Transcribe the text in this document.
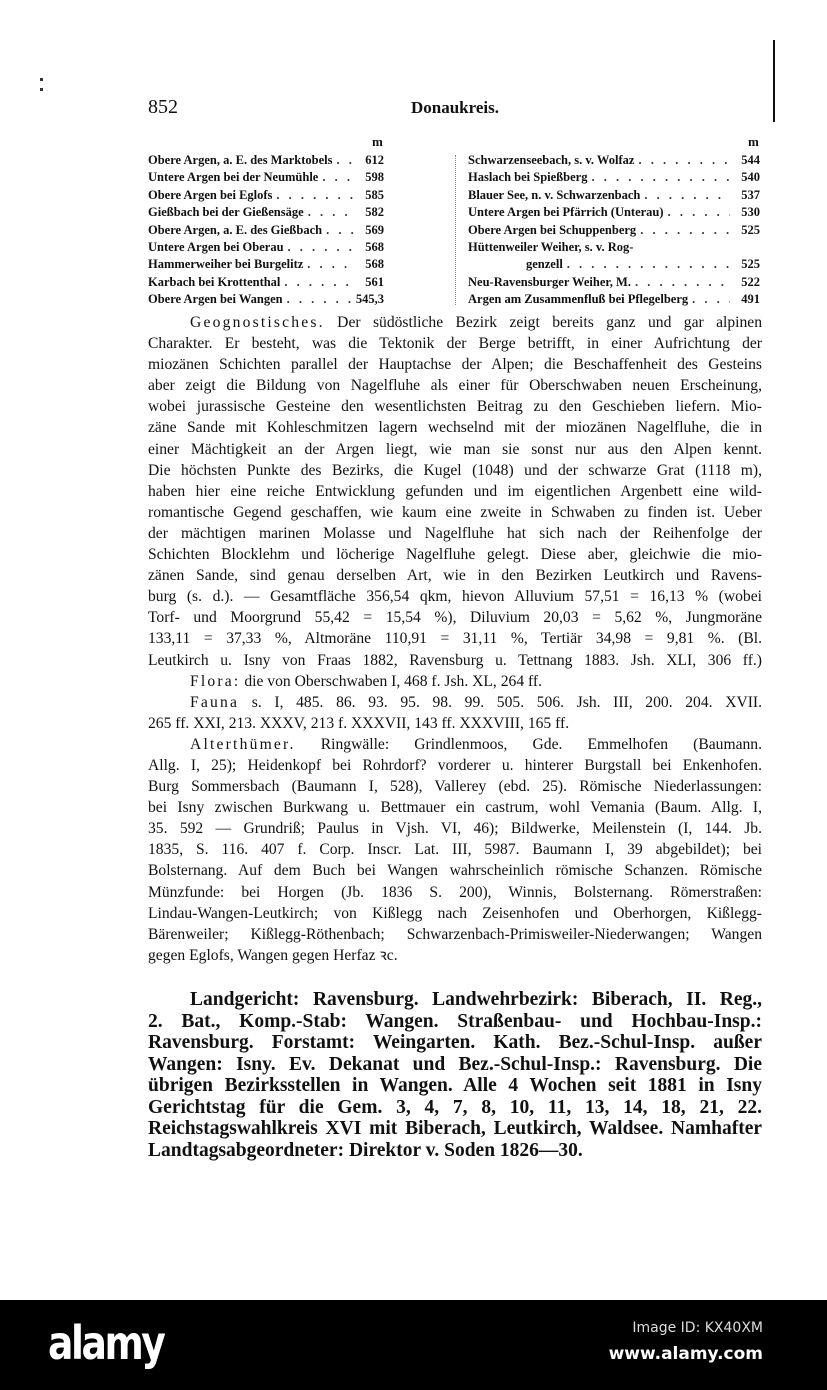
852	Donaukreis.
m	m
Obere Argen, a. E. des Marktobels . . .	612
Untere Argen bei der Neumühle . . .	598
Obere Argen bei Eglofs . . .	585
Gießbach bei der Gießensäge . . .	582
Obere Argen, a. E. des Gießbach . . .	569
Untere Argen bei Oberau . . .	568
Hammerweiher bei Burgelitz . . .	568
Karbach bei Krottenthal . . .	561
Obere Argen bei Wangen . . .	545,3
Schwarzenseebach, s. v. Wolfaz . . .	544
Haslach bei Spießberg . . .	540
Blauer See, n. v. Schwarzenbach . . .	537
Untere Argen bei Pfärrich (Unterau) . . .	530
Obere Argen bei Schuppenberg . . .	525
Hüttenweiler Weiher, s. v. Rog-
genzell . . .	525
Neu-Ravensburger Weiher, M. . . .	522
Argen am Zusammenfluß bei Pflegelberg . . .	491
Geognostisches. Der südöstliche Bezirk zeigt bereits ganz und gar alpinen
Charakter. Er besteht, was die Tektonik der Berge betrifft, in einer Aufrichtung der
miozänen Schichten parallel der Hauptachse der Alpen; die Beschaffenheit des Gesteins
aber zeigt die Bildung von Nagelfluhe als einer für Oberschwaben neuen Erscheinung,
wobei jurassische Gesteine den wesentlichsten Beitrag zu den Geschieben liefern. Mio-
zäne Sande mit Kohleschmitzen lagern wechselnd mit der miozänen Nagelfluhe, die in
einer Mächtigkeit an der Argen liegt, wie man sie sonst nur aus den Alpen kennt.
Die höchsten Punkte des Bezirks, die Kugel (1048) und der schwarze Grat (1118 m),
haben hier eine reiche Entwicklung gefunden und im eigentlichen Argenbett eine wild-
romantische Gegend geschaffen, wie kaum eine zweite in Schwaben zu finden ist. Ueber
der mächtigen marinen Molasse und Nagelfluhe hat sich nach der Reihenfolge der
Schichten Blocklehm und löcherige Nagelfluhe gelegt. Diese aber, gleichwie die mio-
zänen Sande, sind genau derselben Art, wie in den Bezirken Leutkirch und Ravens-
burg (s. d.). — Gesamtfläche 356,54 qkm, hievon Alluvium 57,51 = 16,13 % (wobei
Torf- und Moorgrund 55,42 = 15,54 %), Diluvium 20,03 = 5,62 %, Jungmoräne
133,11 = 37,33 %, Altmoräne 110,91 = 31,11 %, Tertiär 34,98 = 9,81 %. (Bl.
Leutkirch u. Isny von Fraas 1882, Ravensburg u. Tettnang 1883. Jsh. XLI, 306 ff.)
Flora: die von Oberschwaben I, 468 f. Jsh. XL, 264 ff.
Fauna s. I, 485. 86. 93. 95. 98. 99. 505. 506. Jsh. III, 200. 204. XVII.
265 ff. XXI, 213. XXXV, 213 f. XXXVII, 143 ff. XXXVIII, 165 ff.
Alterthümer. Ringwälle: Grindlenmoos, Gde. Emmelhofen (Baumann.
Allg. I, 25); Heidenkopf bei Rohrdorf? vorderer u. hinterer Burgstall bei Enkenhofen.
Burg Sommersbach (Baumann I, 528), Vallerey (ebd. 25). Römische Niederlassungen:
bei Isny zwischen Burkwang u. Bettmauer ein castrum, wohl Vemania (Baum. Allg. I,
35. 592 — Grundriß; Paulus in Vjsh. VI, 46); Bildwerke, Meilenstein (I, 144. Jb.
1835, S. 116. 407 f. Corp. Inscr. Lat. III, 5987. Baumann I, 39 abgebildet); bei
Bolsternang. Auf dem Buch bei Wangen wahrscheinlich römische Schanzen. Römische
Münzfunde: bei Horgen (Jb. 1836 S. 200), Winnis, Bolsternang. Römerstraßen:
Lindau-Wangen-Leutkirch; von Kißlegg nach Zeisenhofen und Oberhorgen, Kißlegg-
Bärenweiler; Kißlegg-Röthenbach; Schwarzenbach-Primisweiler-Niederwangen; Wangen
gegen Eglofs, Wangen gegen Herfaz ꝛc.
Landgericht: Ravensburg. Landwehrbezirk: Biberach, II. Reg.,
2. Bat., Komp.-Stab: Wangen. Straßenbau- und Hochbau-Insp.:
Ravensburg. Forstamt: Weingarten. Kath. Bez.-Schul-Insp. außer
Wangen: Isny. Ev. Dekanat und Bez.-Schul-Insp.: Ravensburg. Die
übrigen Bezirksstellen in Wangen. Alle 4 Wochen seit 1881 in Isny
Gerichtstag für die Gem. 3, 4, 7, 8, 10, 11, 13, 14, 18, 21, 22.
Reichstagswahlkreis XVI mit Biberach, Leutkirch, Waldsee. Namhafter
Landtagsabgeordneter: Direktor v. Soden 1826—30.
alamy	Image ID: KX40XM
www.alamy.com
